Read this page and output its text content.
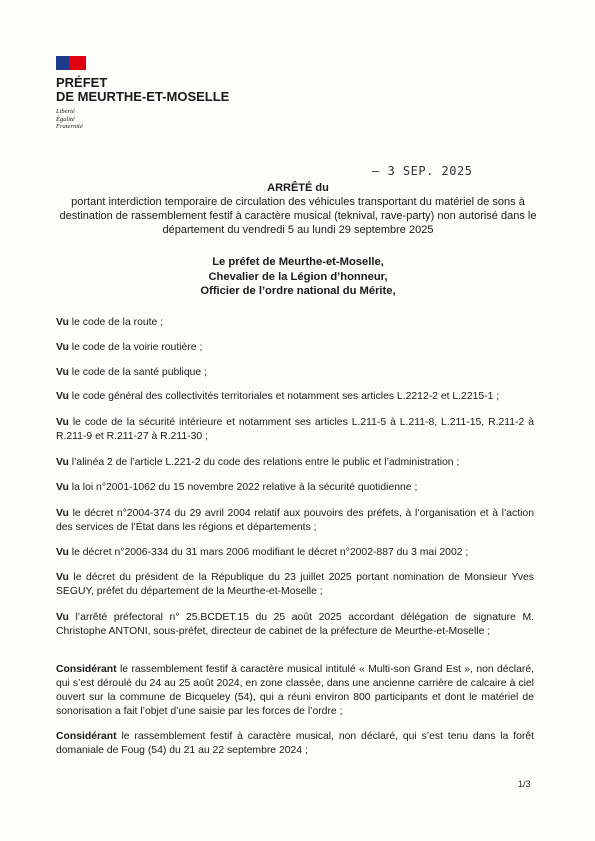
PRÉFET
DE MEURTHE-ET-MOSELLE
Liberté
Égalité
Fraternité
– 3 SEP. 2025
ARRÊTÉ du
portant interdiction temporaire de circulation des véhicules transportant du matériel de sons à destination de rassemblement festif à caractère musical (teknival, rave-party) non autorisé dans le département du vendredi 5 au lundi 29 septembre 2025
Le préfet de Meurthe-et-Moselle,
Chevalier de la Légion d’honneur,
Officier de l’ordre national du Mérite,
Vu le code de la route ;
Vu le code de la voirie routière ;
Vu le code de la santé publique ;
Vu le code général des collectivités territoriales et notamment ses articles L.2212-2 et L.2215-1 ;
Vu le code de la sécurité intérieure et notamment ses articles L.211-5 à L.211-8, L.211-15, R.211-2 à R.211-9 et R.211-27 à R.211-30 ;
Vu l’alinéa 2 de l’article L.221-2 du code des relations entre le public et l’administration ;
Vu la loi n°2001-1062 du 15 novembre 2022 relative à la sécurité quotidienne ;
Vu le décret n°2004-374 du 29 avril 2004 relatif aux pouvoirs des préfets, à l’organisation et à l’action des services de l’État dans les régions et départements ;
Vu le décret n°2006-334 du 31 mars 2006 modifiant le décret n°2002-887 du 3 mai 2002 ;
Vu le décret du président de la République du 23 juillet 2025 portant nomination de Monsieur Yves SEGUY, préfet du département de la Meurthe-et-Moselle ;
Vu l’arrêté préfectoral n° 25.BCDET.15 du 25 août 2025 accordant délégation de signature M. Christophe ANTONI, sous-préfet, directeur de cabinet de la préfecture de Meurthe-et-Moselle ;
Considérant le rassemblement festif à caractère musical intitulé « Multi-son Grand Est », non déclaré, qui s’est déroulé du 24 au 25 août 2024, en zone classée, dans une ancienne carrière de calcaire à ciel ouvert sur la commune de Bicqueley (54), qui a réuni environ 800 participants et dont le matériel de sonorisation a fait l’objet d’une saisie par les forces de l’ordre ;
Considérant le rassemblement festif à caractère musical, non déclaré, qui s’est tenu dans la forêt domaniale de Foug (54) du 21 au 22 septembre 2024 ;
1/3
